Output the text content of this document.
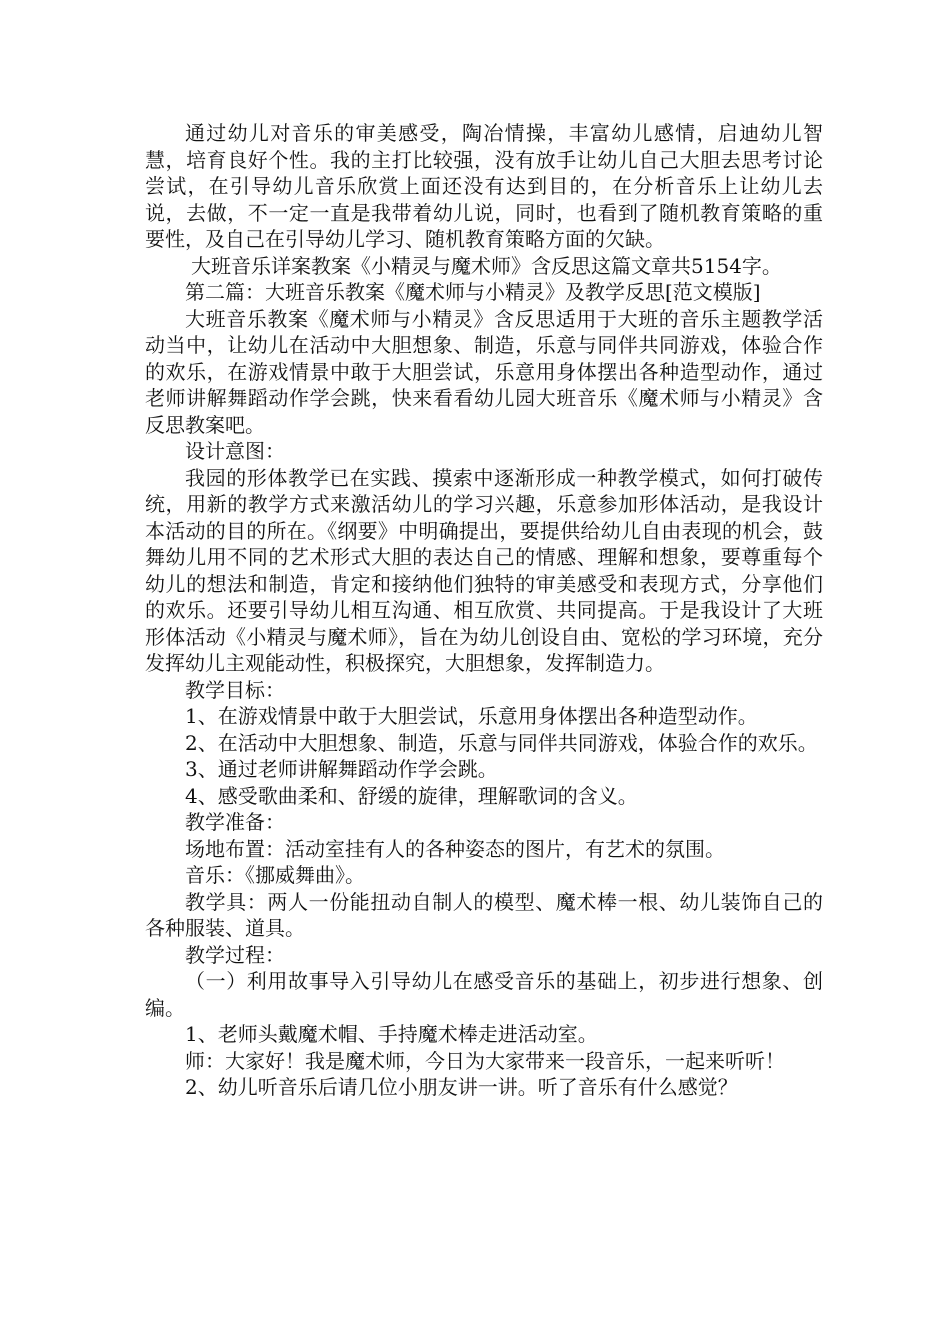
通过幼儿对音乐的审美感受，陶冶情操，丰富幼儿感情，启迪幼儿智慧，培育良好个性。我的主打比较强，没有放手让幼儿自己大胆去思考讨论尝试，在引导幼儿音乐欣赏上面还没有达到目的，在分析音乐上让幼儿去说，去做，不一定一直是我带着幼儿说，同时，也看到了随机教育策略的重要性，及自己在引导幼儿学习、随机教育策略方面的欠缺。

大班音乐详案教案《小精灵与魔术师》含反思这篇文章共5154字。

第二篇：大班音乐教案《魔术师与小精灵》及教学反思[范文模版]

大班音乐教案《魔术师与小精灵》含反思适用于大班的音乐主题教学活动当中，让幼儿在活动中大胆想象、制造，乐意与同伴共同游戏，体验合作的欢乐，在游戏情景中敢于大胆尝试，乐意用身体摆出各种造型动作，通过老师讲解舞蹈动作学会跳，快来看看幼儿园大班音乐《魔术师与小精灵》含反思教案吧。

设计意图：

我园的形体教学已在实践、摸索中逐渐形成一种教学模式，如何打破传统，用新的教学方式来激活幼儿的学习兴趣，乐意参加形体活动，是我设计本活动的目的所在。《纲要》中明确提出，要提供给幼儿自由表现的机会，鼓舞幼儿用不同的艺术形式大胆的表达自己的情感、理解和想象，要尊重每个幼儿的想法和制造，肯定和接纳他们独特的审美感受和表现方式，分享他们的欢乐。还要引导幼儿相互沟通、相互欣赏、共同提高。于是我设计了大班形体活动《小精灵与魔术师》，旨在为幼儿创设自由、宽松的学习环境，充分发挥幼儿主观能动性，积极探究，大胆想象，发挥制造力。

教学目标：

1、在游戏情景中敢于大胆尝试，乐意用身体摆出各种造型动作。

2、在活动中大胆想象、制造，乐意与同伴共同游戏，体验合作的欢乐。

3、通过老师讲解舞蹈动作学会跳。

4、感受歌曲柔和、舒缓的旋律，理解歌词的含义。

教学准备：

场地布置：活动室挂有人的各种姿态的图片，有艺术的氛围。

音乐：《挪威舞曲》。

教学具：两人一份能扭动自制人的模型、魔术棒一根、幼儿装饰自己的各种服装、道具。

教学过程：

（一）利用故事导入引导幼儿在感受音乐的基础上，初步进行想象、创编。

1、老师头戴魔术帽、手持魔术棒走进活动室。

师：大家好！我是魔术师，今日为大家带来一段音乐，一起来听听！

2、幼儿听音乐后请几位小朋友讲一讲。听了音乐有什么感觉？
